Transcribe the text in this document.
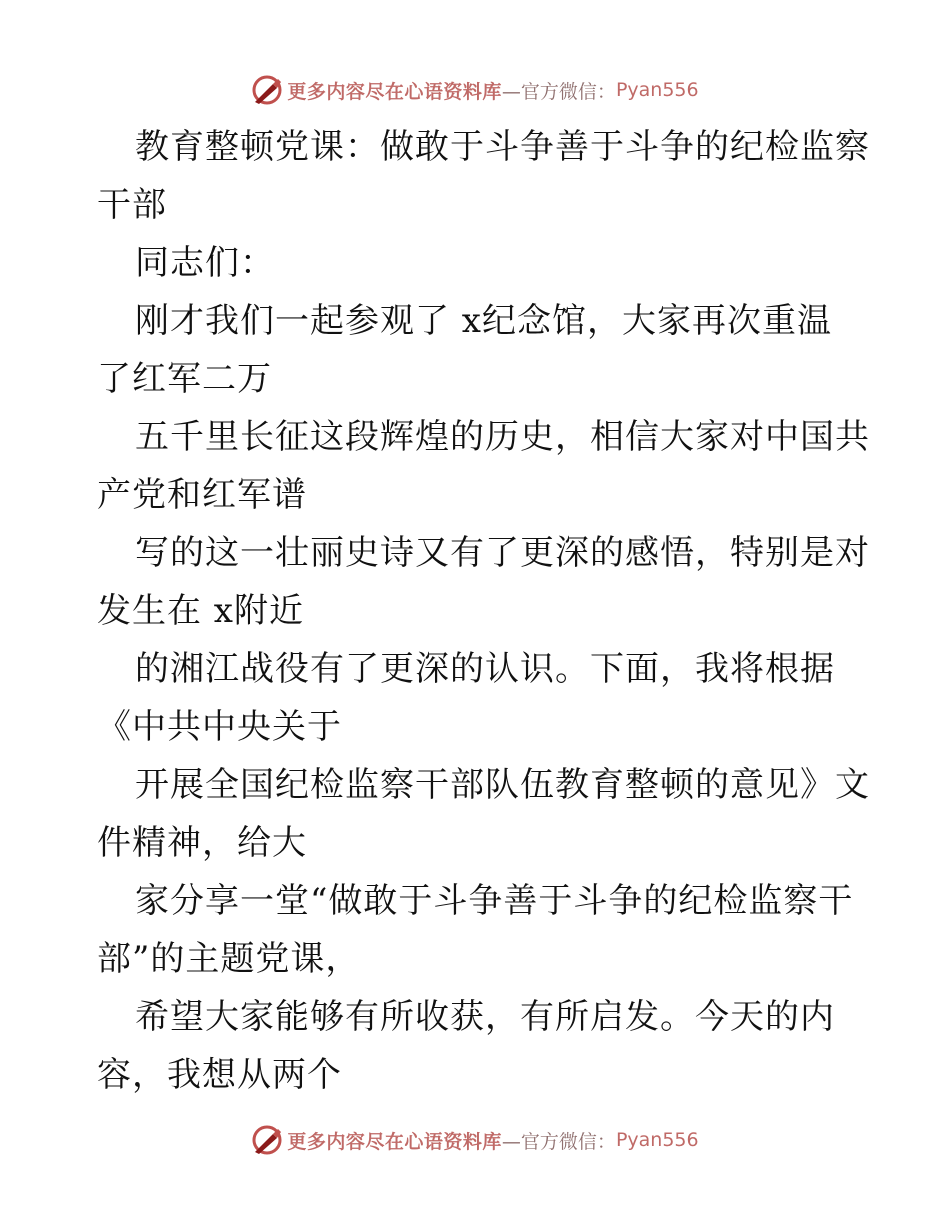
更多内容尽在心语资料库 —官方微信： Pyan556
教育整顿党课：做敢于斗争善于斗争的纪检监察
干部
同志们：
刚才我们一起参观了 x纪念馆，大家再次重温
了红军二万
五千里长征这段辉煌的历史，相信大家对中国共
产党和红军谱
写的这一壮丽史诗又有了更深的感悟，特别是对
发生在 x附近
的湘江战役有了更深的认识。下面，我将根据
《中共中央关于
开展全国纪检监察干部队伍教育整顿的意见》文
件精神，给大
家分享一堂“做敢于斗争善于斗争的纪检监察干
部”的主题党课，
希望大家能够有所收获，有所启发。今天的内
容，我想从两个
更多内容尽在心语资料库 —官方微信： Pyan556
